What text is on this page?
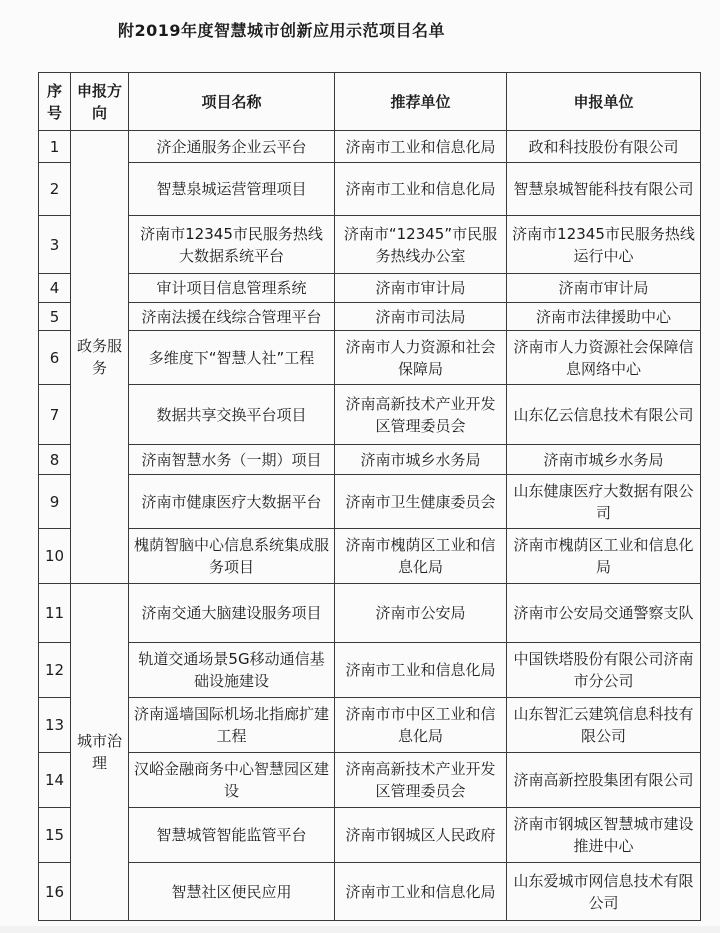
附2019年度智慧城市创新应用示范项目名单
序号	申报方向	项目名称	推荐单位	申报单位
1	政务服务	济企通服务企业云平台	济南市工业和信息化局	政和科技股份有限公司
2		智慧泉城运营管理项目	济南市工业和信息化局	智慧泉城智能科技有限公司
3		济南市12345市民服务热线大数据系统平台	济南市“12345”市民服务热线办公室	济南市12345市民服务热线运行中心
4		审计项目信息管理系统	济南市审计局	济南市审计局
5		济南法援在线综合管理平台	济南市司法局	济南市法律援助中心
6		多维度下“智慧人社”工程	济南市人力资源和社会保障局	济南市人力资源社会保障信息网络中心
7		数据共享交换平台项目	济南高新技术产业开发区管理委员会	山东亿云信息技术有限公司
8		济南智慧水务（一期）项目	济南市城乡水务局	济南市城乡水务局
9		济南市健康医疗大数据平台	济南市卫生健康委员会	山东健康医疗大数据有限公司
10		槐荫智脑中心信息系统集成服务项目	济南市槐荫区工业和信息化局	济南市槐荫区工业和信息化局
11	城市治理	济南交通大脑建设服务项目	济南市公安局	济南市公安局交通警察支队
12		轨道交通场景5G移动通信基础设施建设	济南市工业和信息化局	中国铁塔股份有限公司济南市分公司
13		济南遥墙国际机场北指廊扩建工程	济南市市中区工业和信息化局	山东智汇云建筑信息科技有限公司
14		汉峪金融商务中心智慧园区建设	济南高新技术产业开发区管理委员会	济南高新控股集团有限公司
15		智慧城管智能监管平台	济南市钢城区人民政府	济南市钢城区智慧城市建设推进中心
16		智慧社区便民应用	济南市工业和信息化局	山东爱城市网信息技术有限公司
